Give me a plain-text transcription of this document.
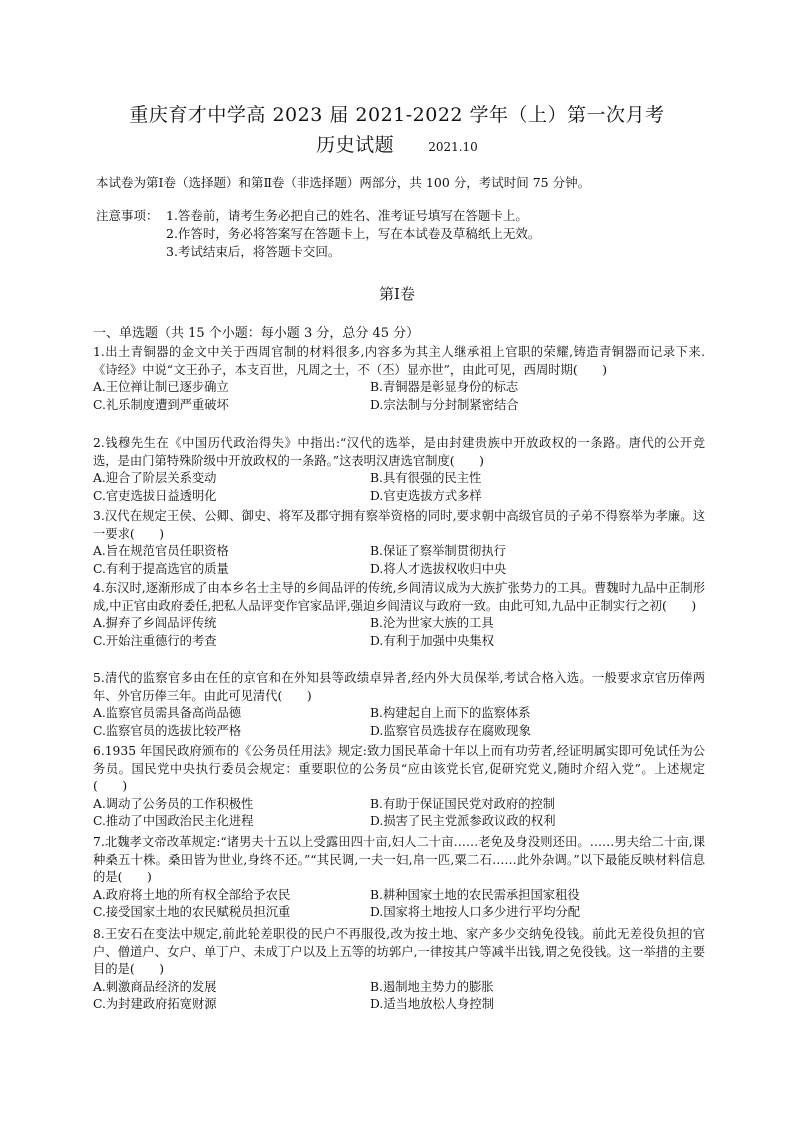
重庆育才中学高 2023 届 2021-2022 学年（上）第一次月考
历史试题	2021.10
本试卷为第Ⅰ卷（选择题）和第Ⅱ卷（非选择题）两部分，共 100 分，考试时间 75 分钟。
注意事项： 1.答卷前，请考生务必把自己的姓名、准考证号填写在答题卡上。
2.作答时，务必将答案写在答题卡上，写在本试卷及草稿纸上无效。
3.考试结束后，将答题卡交回。
第Ⅰ卷
一、单选题（共 15 个小题：每小题 3 分，总分 45 分）
1.出土青铜器的金文中关于西周官制的材料很多,内容多为其主人继承祖上官职的荣耀,铸造青铜器而记录下来.《诗经》中说“文王孙子，本支百世，凡周之士，不（丕）显亦世”，由此可见，西周时期(　　)
A.王位禅让制已逐步确立	B.青铜器是彰显身份的标志
C.礼乐制度遭到严重破坏	D.宗法制与分封制紧密结合
2.钱穆先生在《中国历代政治得失》中指出:“汉代的选举，是由封建贵族中开放政权的一条路。唐代的公开竞选，是由门第特殊阶级中开放政权的一条路。”这表明汉唐选官制度(　　)
A.迎合了阶层关系变动	B.具有很强的民主性
C.官吏选拔日益透明化	D.官吏选拔方式多样
3.汉代在规定王侯、公卿、御史、将军及郡守拥有察举资格的同时,要求朝中高级官员的子弟不得察举为孝廉。这一要求(　　)
A.旨在规范官员任职资格	B.保证了察举制贯彻执行
C.有利于提高选官的质量	D.将人才选拔权收归中央
4.东汉时,逐渐形成了由本乡名士主导的乡闾品评的传统,乡闾清议成为大族扩张势力的工具。曹魏时九品中正制形成,中正官由政府委任,把私人品评变作官家品评,强迫乡闾清议与政府一致。由此可知,九品中正制实行之初(　　)
A.摒弃了乡闾品评传统	B.沦为世家大族的工具
C.开始注重德行的考查	D.有利于加强中央集权
5.清代的监察官多由在任的京官和在外知县等政绩卓异者,经内外大员保举,考试合格入选。一般要求京官历俸两年、外官历俸三年。由此可见清代(　　)
A.监察官员需具备高尚品德	B.构建起自上而下的监察体系
C.监察官员的选拔比较严格	D.监察官员选拔存在腐败现象
6.1935 年国民政府颁布的《公务员任用法》规定:致力国民革命十年以上而有功劳者,经证明属实即可免试任为公务员。国民党中央执行委员会规定：重要职位的公务员“应由该党长官,促研究党义,随时介绍入党”。上述规定(　　)
A.调动了公务员的工作积极性	B.有助于保证国民党对政府的控制
C.推动了中国政治民主化进程	D.损害了民主党派参政议政的权利
7.北魏孝文帝改革规定:“诸男夫十五以上受露田四十亩,妇人二十亩……老免及身没则还田。……男夫给二十亩,课种桑五十株。桑田皆为世业,身终不还。”“其民调,一夫一妇,帛一匹,粟二石……此外杂调。”以下最能反映材料信息的是(　　)
A.政府将土地的所有权全部给予农民	B.耕种国家土地的农民需承担国家租役
C.接受国家土地的农民赋税员担沉重	D.国家将土地按人口多少进行平均分配
8.王安石在变法中规定,前此轮差职役的民户不再服役,改为按土地、家产多少交纳免役钱。前此无差役负担的官户、僧道户、女户、单丁户、未成丁户以及上五等的坊郭户,一律按其户等减半出钱,谓之免役钱。这一举措的主要目的是(　　)
A.刺激商品经济的发展	B.遏制地主势力的膨胀
C.为封建政府拓宽财源	D.适当地放松人身控制
